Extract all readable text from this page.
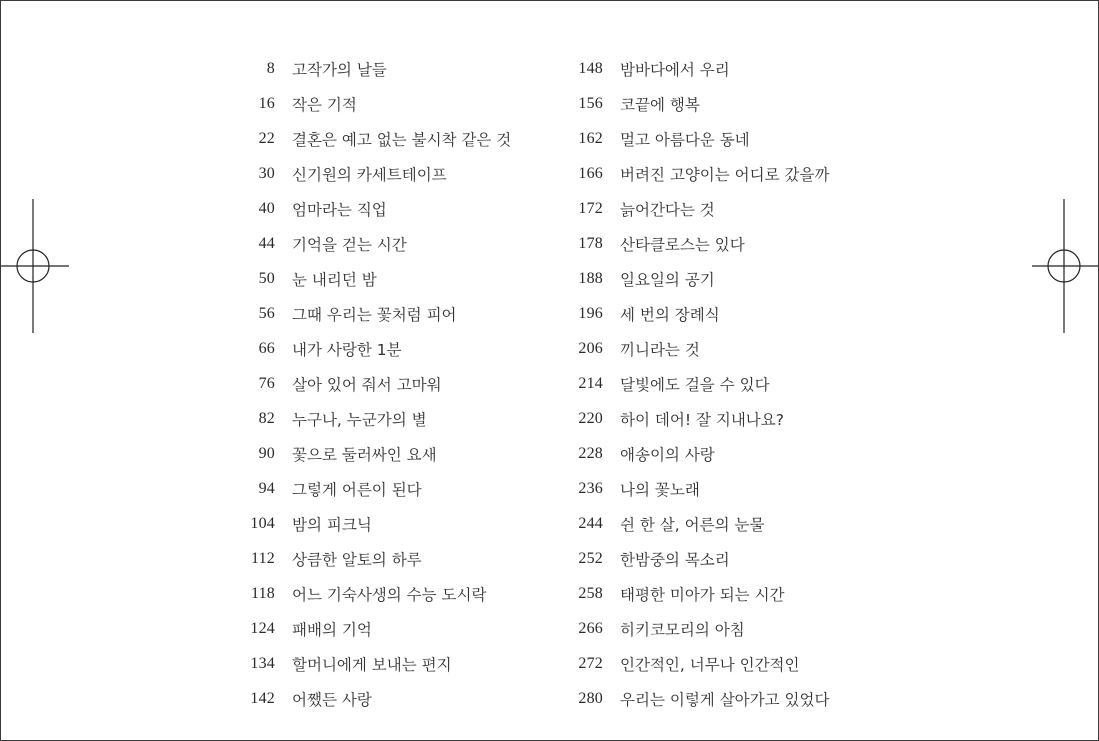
8 고작가의 날들
16 작은 기적
22 결혼은 예고 없는 불시착 같은 것
30 신기원의 카세트테이프
40 엄마라는 직업
44 기억을 걷는 시간
50 눈 내리던 밤
56 그때 우리는 꽃처럼 피어
66 내가 사랑한 1분
76 살아 있어 줘서 고마워
82 누구나, 누군가의 별
90 꽃으로 둘러싸인 요새
94 그렇게 어른이 된다
104 밤의 피크닉
112 상큼한 알토의 하루
118 어느 기숙사생의 수능 도시락
124 패배의 기억
134 할머니에게 보내는 편지
142 어쨌든 사랑
148 밤바다에서 우리
156 코끝에 행복
162 멀고 아름다운 동네
166 버려진 고양이는 어디로 갔을까
172 늙어간다는 것
178 산타클로스는 있다
188 일요일의 공기
196 세 번의 장례식
206 끼니라는 것
214 달빛에도 걸을 수 있다
220 하이 데어! 잘 지내나요?
228 애송이의 사랑
236 나의 꽃노래
244 쉰 한 살, 어른의 눈물
252 한밤중의 목소리
258 태평한 미아가 되는 시간
266 히키코모리의 아침
272 인간적인, 너무나 인간적인
280 우리는 이렇게 살아가고 있었다
